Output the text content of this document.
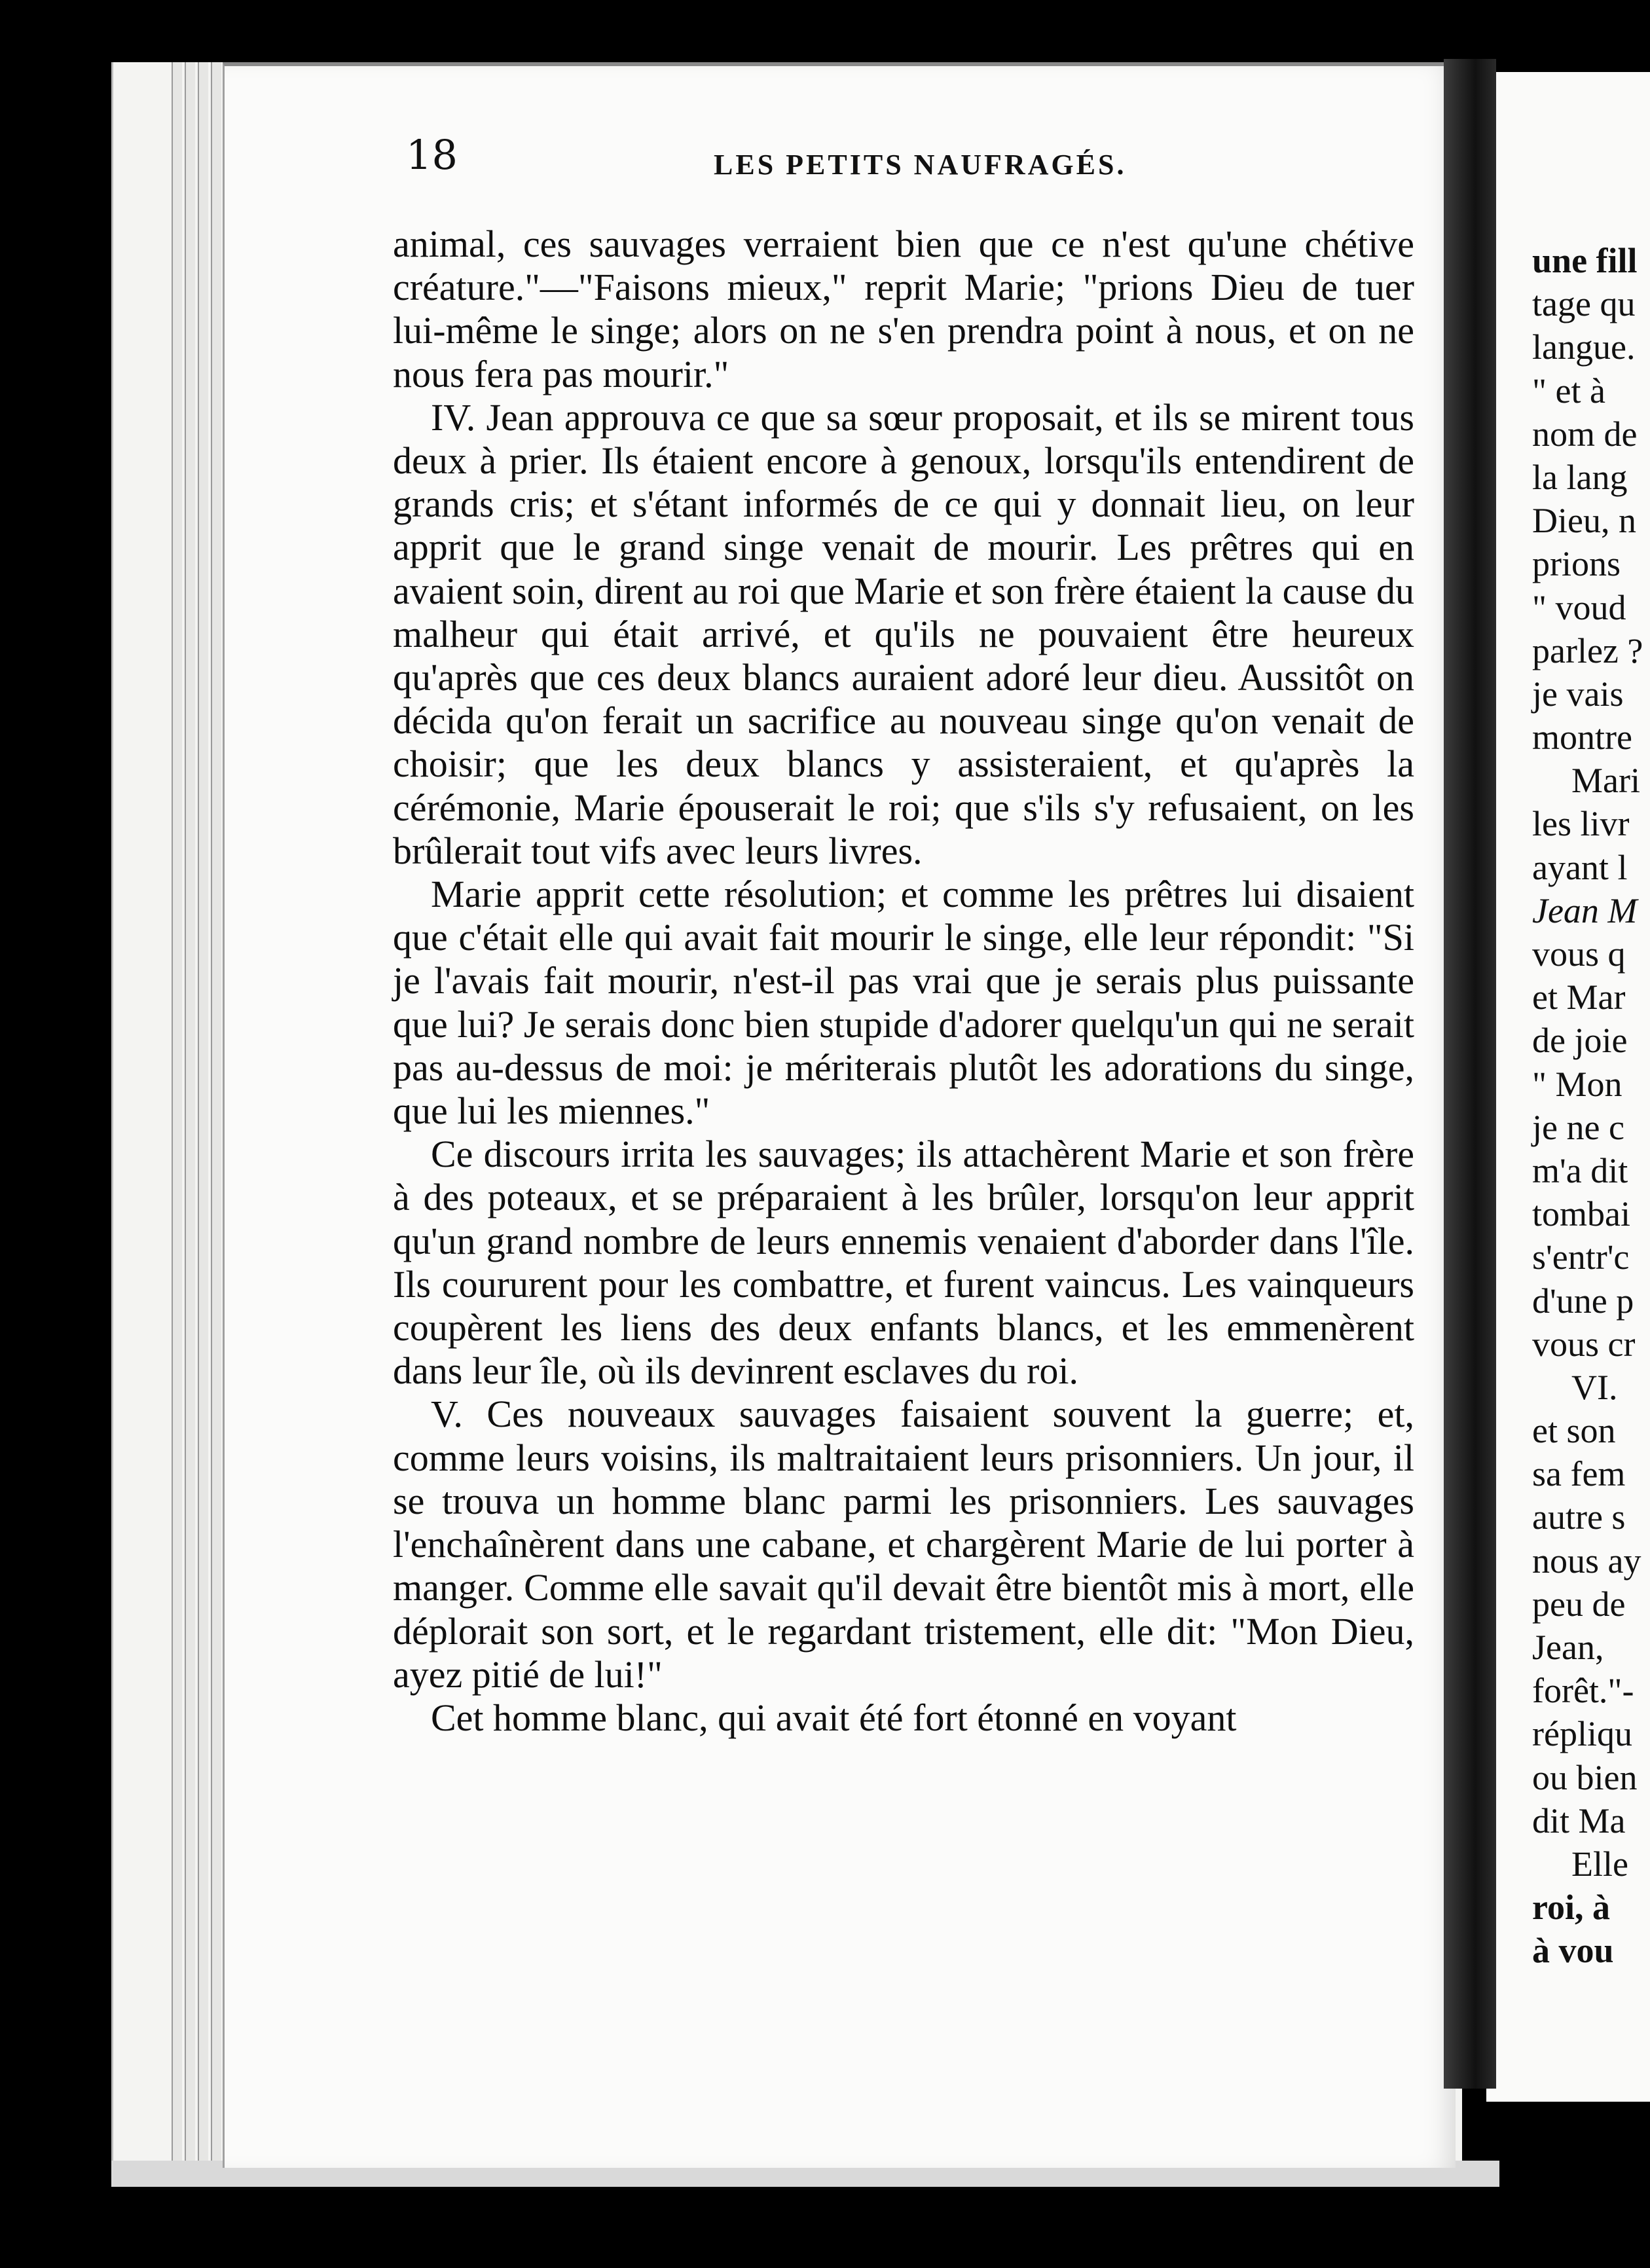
18	LES PETITS NAUFRAGÉS.

animal, ces sauvages verraient bien que ce n'est qu'une chétive créature."—"Faisons mieux," reprit Marie; "prions Dieu de tuer lui-même le singe; alors on ne s'en prendra point à nous, et on ne nous fera pas mourir."

IV. Jean approuva ce que sa sœur proposait, et ils se mirent tous deux à prier. Ils étaient encore à genoux, lorsqu'ils entendirent de grands cris; et s'étant informés de ce qui y donnait lieu, on leur apprit que le grand singe venait de mourir. Les prêtres qui en avaient soin, dirent au roi que Marie et son frère étaient la cause du malheur qui était arrivé, et qu'ils ne pouvaient être heureux qu'après que ces deux blancs auraient adoré leur dieu. Aussitôt on décida qu'on ferait un sacrifice au nouveau singe qu'on venait de choisir; que les deux blancs y assisteraient, et qu'après la cérémonie, Marie épouserait le roi; que s'ils s'y refusaient, on les brûlerait tout vifs avec leurs livres.

Marie apprit cette résolution; et comme les prêtres lui disaient que c'était elle qui avait fait mourir le singe, elle leur répondit: "Si je l'avais fait mourir, n'est-il pas vrai que je serais plus puissante que lui? Je serais donc bien stupide d'adorer quelqu'un qui ne serait pas au-dessus de moi: je mériterais plutôt les adorations du singe, que lui les miennes."

Ce discours irrita les sauvages; ils attachèrent Marie et son frère à des poteaux, et se préparaient à les brûler, lorsqu'on leur apprit qu'un grand nombre de leurs ennemis venaient d'aborder dans l'île. Ils coururent pour les combattre, et furent vaincus. Les vainqueurs coupèrent les liens des deux enfants blancs, et les emmenèrent dans leur île, où ils devinrent esclaves du roi.

V. Ces nouveaux sauvages faisaient souvent la guerre; et, comme leurs voisins, ils maltraitaient leurs prisonniers. Un jour, il se trouva un homme blanc parmi les prisonniers. Les sauvages l'enchaînèrent dans une cabane, et chargèrent Marie de lui porter à manger. Comme elle savait qu'il devait être bientôt mis à mort, elle déplorait son sort, et le regardant tristement, elle dit: "Mon Dieu, ayez pitié de lui!"

Cet homme blanc, qui avait été fort étonné en voyant

une fill
tage qu
langue.
" et à
nom de
la lang
Dieu, n
prions
" voud
parlez ?
je vais
montre
Mari
les livr
ayant l
Jean M
vous q
et Mar
de joie
" Mon
je ne c
m'a dit
tombai
s'entr'c
d'une p
vous cr
VI.
et son
sa fem
autre s
nous ay
peu de
Jean,
forêt."-
répliqu
ou bien
dit Ma
Elle
roi, à
à vou
